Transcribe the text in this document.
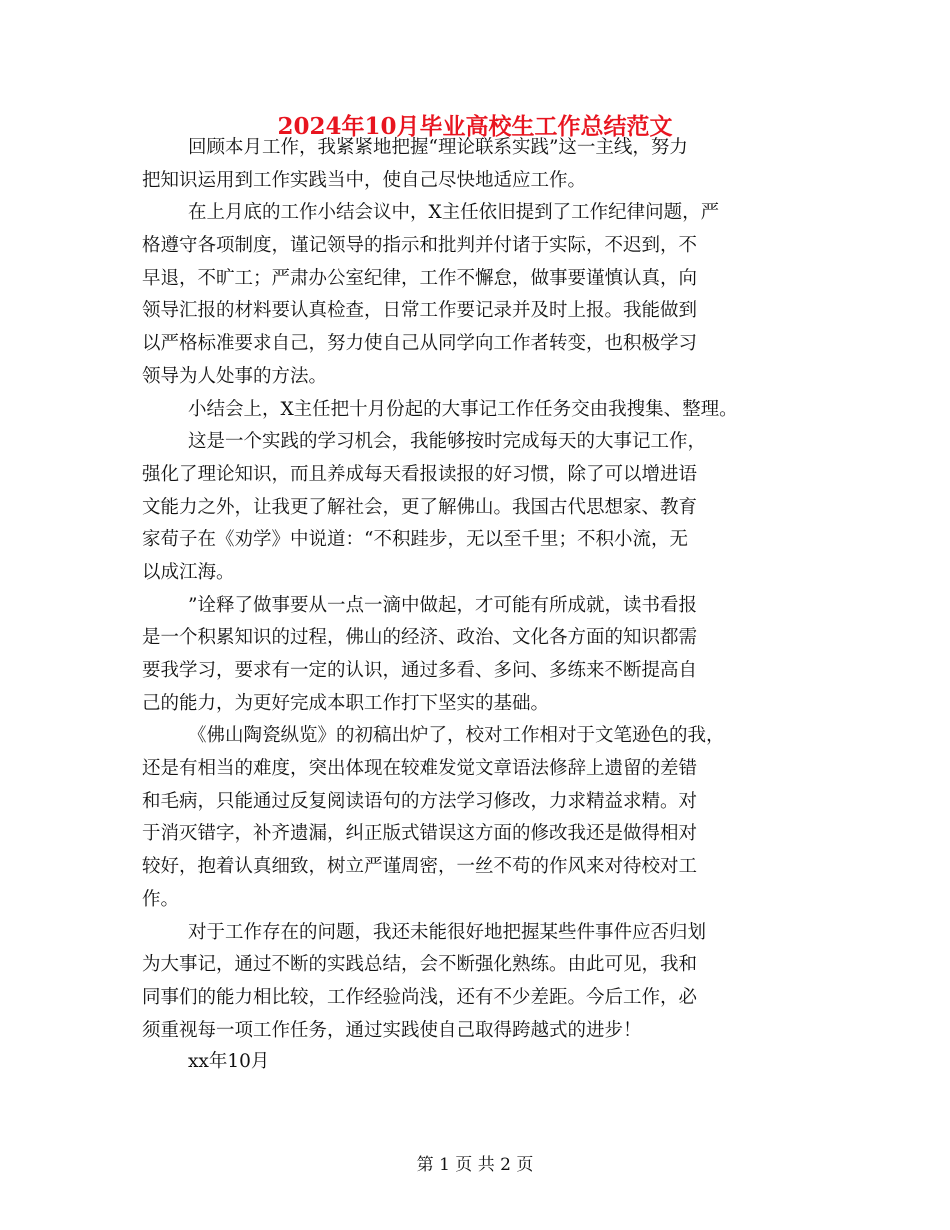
2024年10月毕业高校生工作总结范文
回顾本月工作，我紧紧地把握“理论联系实践”这一主线，努力
把知识运用到工作实践当中，使自己尽快地适应工作。
在上月底的工作小结会议中，X主任依旧提到了工作纪律问题，严
格遵守各项制度，谨记领导的指示和批判并付诸于实际，不迟到，不
早退，不旷工；严肃办公室纪律，工作不懈怠，做事要谨慎认真，向
领导汇报的材料要认真检查，日常工作要记录并及时上报。我能做到
以严格标准要求自己，努力使自己从同学向工作者转变，也积极学习
领导为人处事的方法。
小结会上，X主任把十月份起的大事记工作任务交由我搜集、整理。
这是一个实践的学习机会，我能够按时完成每天的大事记工作，
强化了理论知识，而且养成每天看报读报的好习惯，除了可以增进语
文能力之外，让我更了解社会，更了解佛山。我国古代思想家、教育
家荀子在《劝学》中说道：“不积跬步，无以至千里；不积小流，无
以成江海。
”诠释了做事要从一点一滴中做起，才可能有所成就，读书看报
是一个积累知识的过程，佛山的经济、政治、文化各方面的知识都需
要我学习，要求有一定的认识，通过多看、多问、多练来不断提高自
己的能力，为更好完成本职工作打下坚实的基础。
《佛山陶瓷纵览》的初稿出炉了，校对工作相对于文笔逊色的我，
还是有相当的难度，突出体现在较难发觉文章语法修辞上遗留的差错
和毛病，只能通过反复阅读语句的方法学习修改，力求精益求精。对
于消灭错字，补齐遗漏，纠正版式错误这方面的修改我还是做得相对
较好，抱着认真细致，树立严谨周密，一丝不苟的作风来对待校对工
作。
对于工作存在的问题，我还未能很好地把握某些件事件应否归划
为大事记，通过不断的实践总结，会不断强化熟练。由此可见，我和
同事们的能力相比较，工作经验尚浅，还有不少差距。今后工作，必
须重视每一项工作任务，通过实践使自己取得跨越式的进步！
xx年10月
第 1 页 共 2 页
